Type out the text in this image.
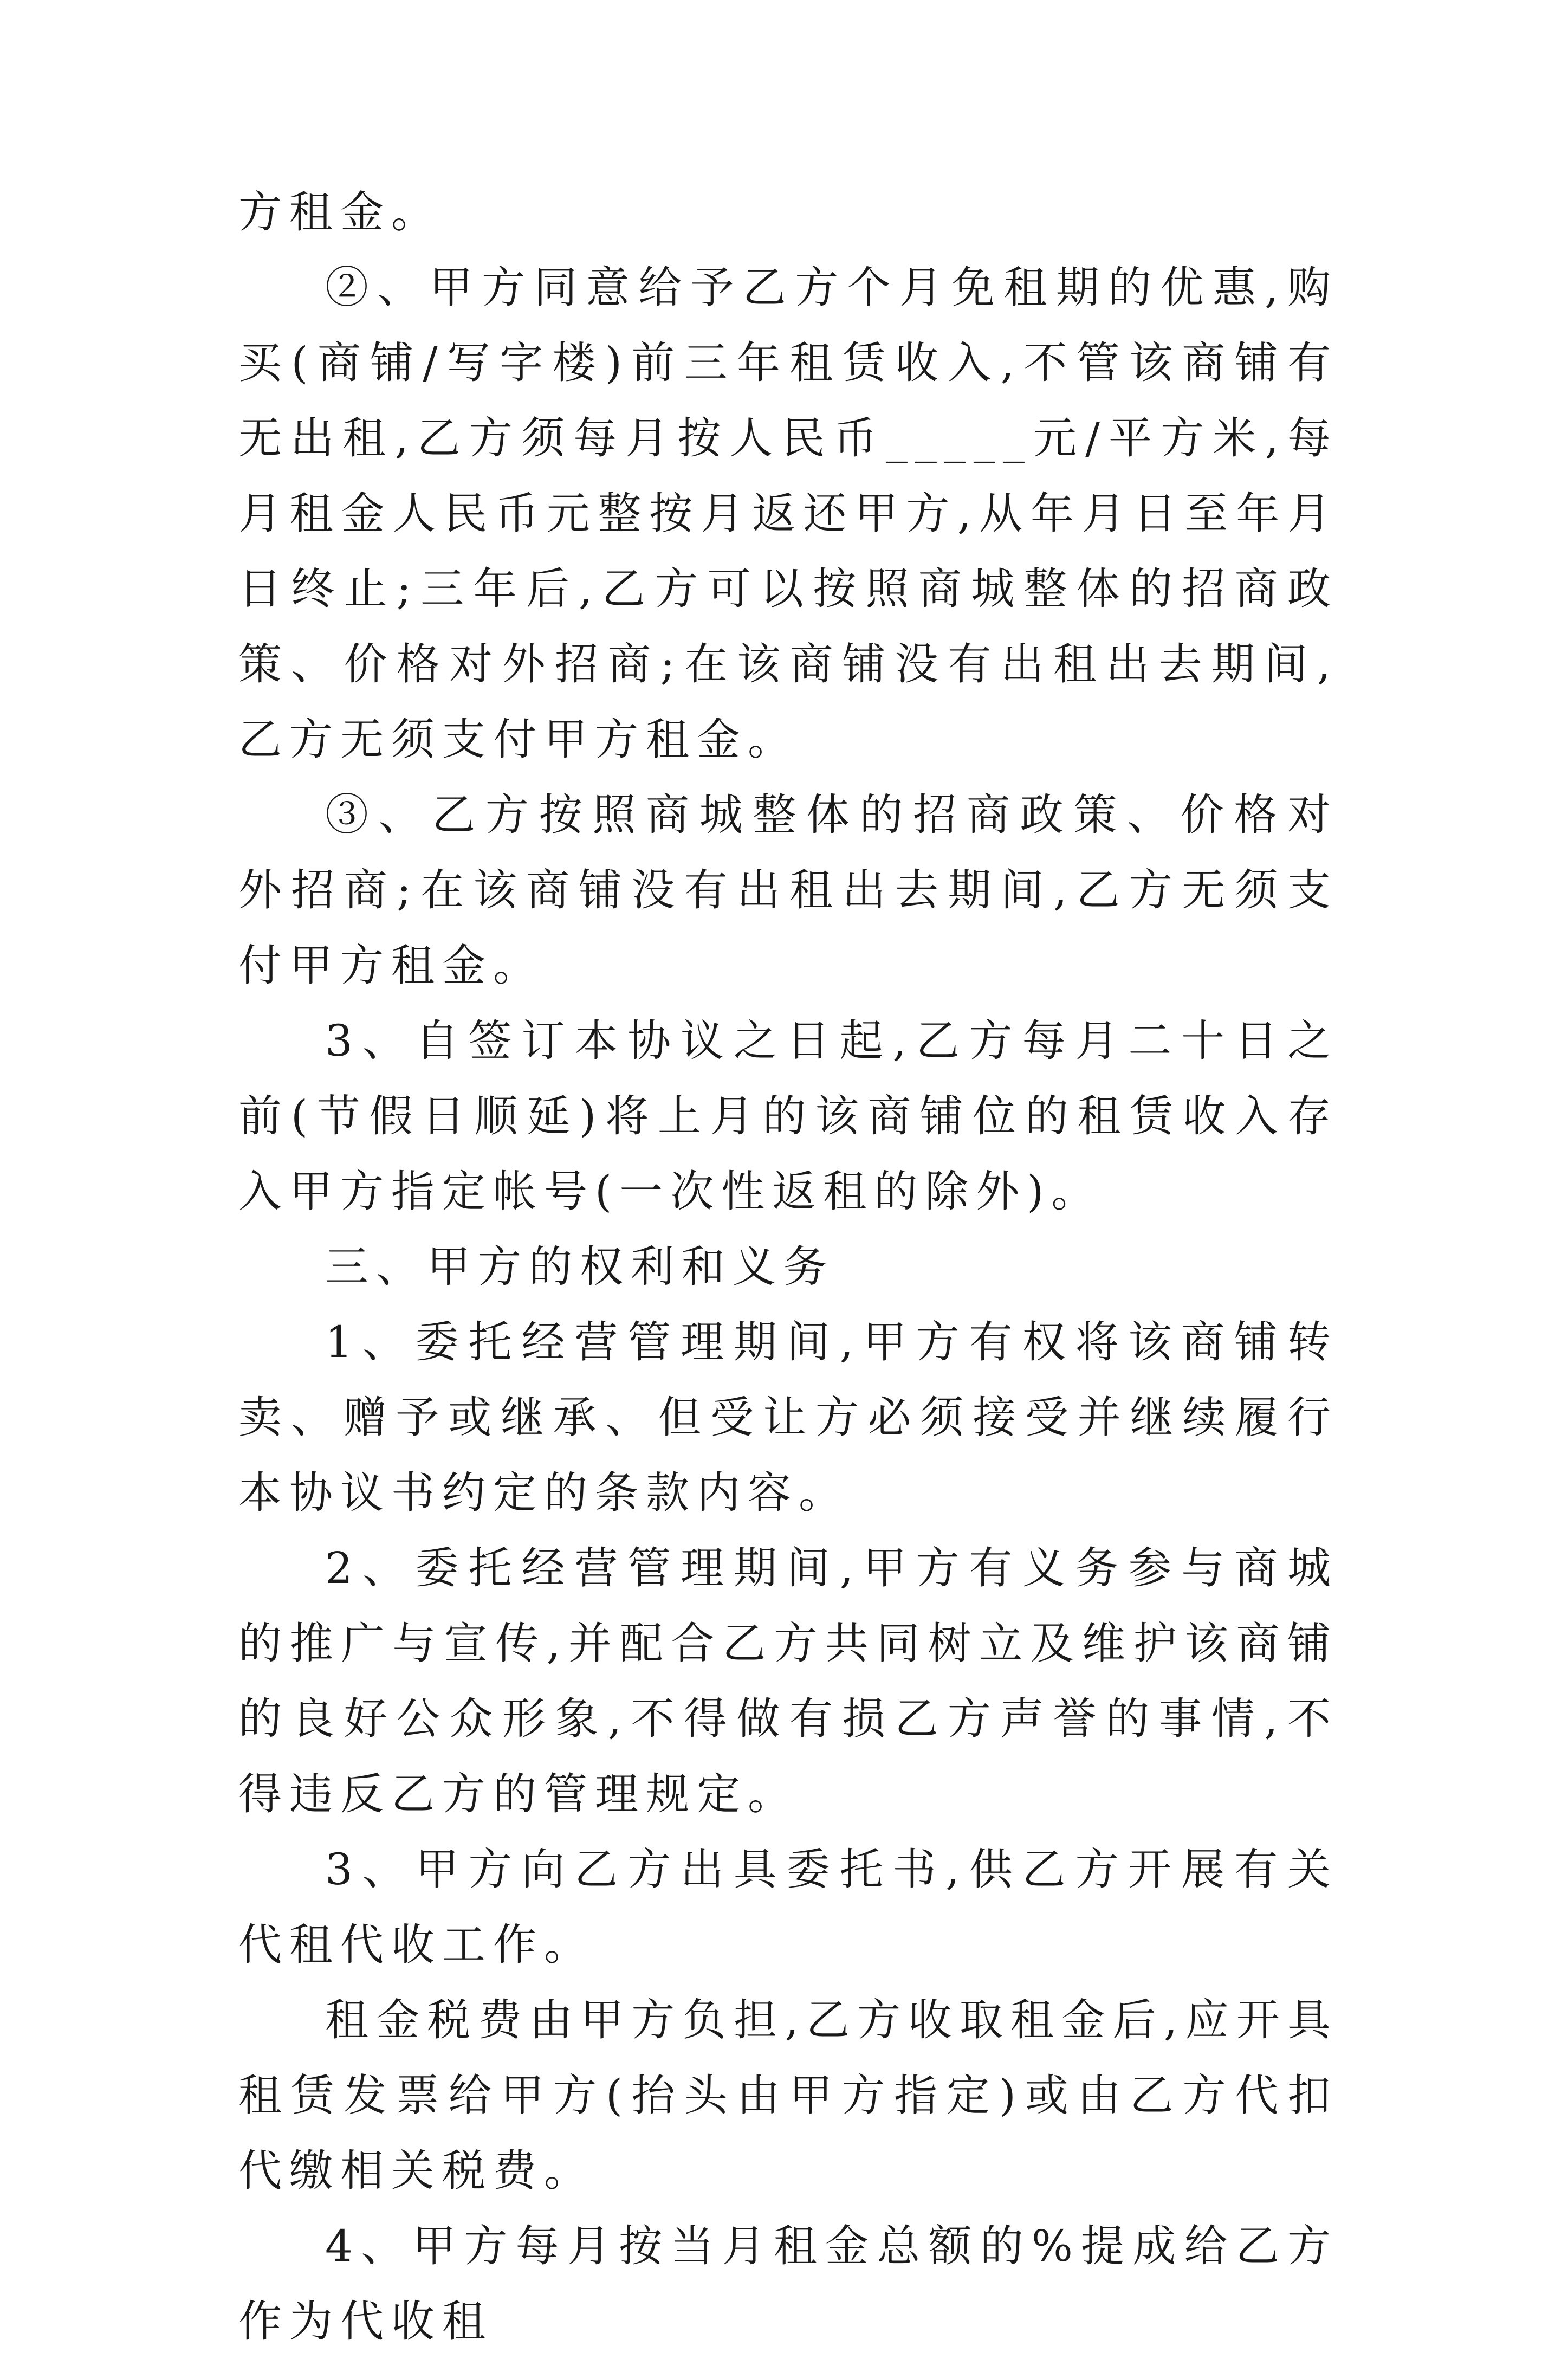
方租金。

②、甲方同意给予乙方个月免租期的优惠,购买(商铺/写字楼)前三年租赁收入,不管该商铺有无出租,乙方须每月按人民币_____元/平方米,每月租金人民币元整按月返还甲方,从年月日至年月日终止;三年后,乙方可以按照商城整体的招商政策、价格对外招商;在该商铺没有出租出去期间,乙方无须支付甲方租金。

③、乙方按照商城整体的招商政策、价格对外招商;在该商铺没有出租出去期间,乙方无须支付甲方租金。

3、自签订本协议之日起,乙方每月二十日之前(节假日顺延)将上月的该商铺位的租赁收入存入甲方指定帐号(一次性返租的除外)。

三、甲方的权利和义务

1、委托经营管理期间,甲方有权将该商铺转卖、赠予或继承、但受让方必须接受并继续履行本协议书约定的条款内容。

2、委托经营管理期间,甲方有义务参与商城的推广与宣传,并配合乙方共同树立及维护该商铺的良好公众形象,不得做有损乙方声誉的事情,不得违反乙方的管理规定。

3、甲方向乙方出具委托书,供乙方开展有关代租代收工作。

租金税费由甲方负担,乙方收取租金后,应开具租赁发票给甲方(抬头由甲方指定)或由乙方代扣代缴相关税费。

4、甲方每月按当月租金总额的%提成给乙方作为代收租
